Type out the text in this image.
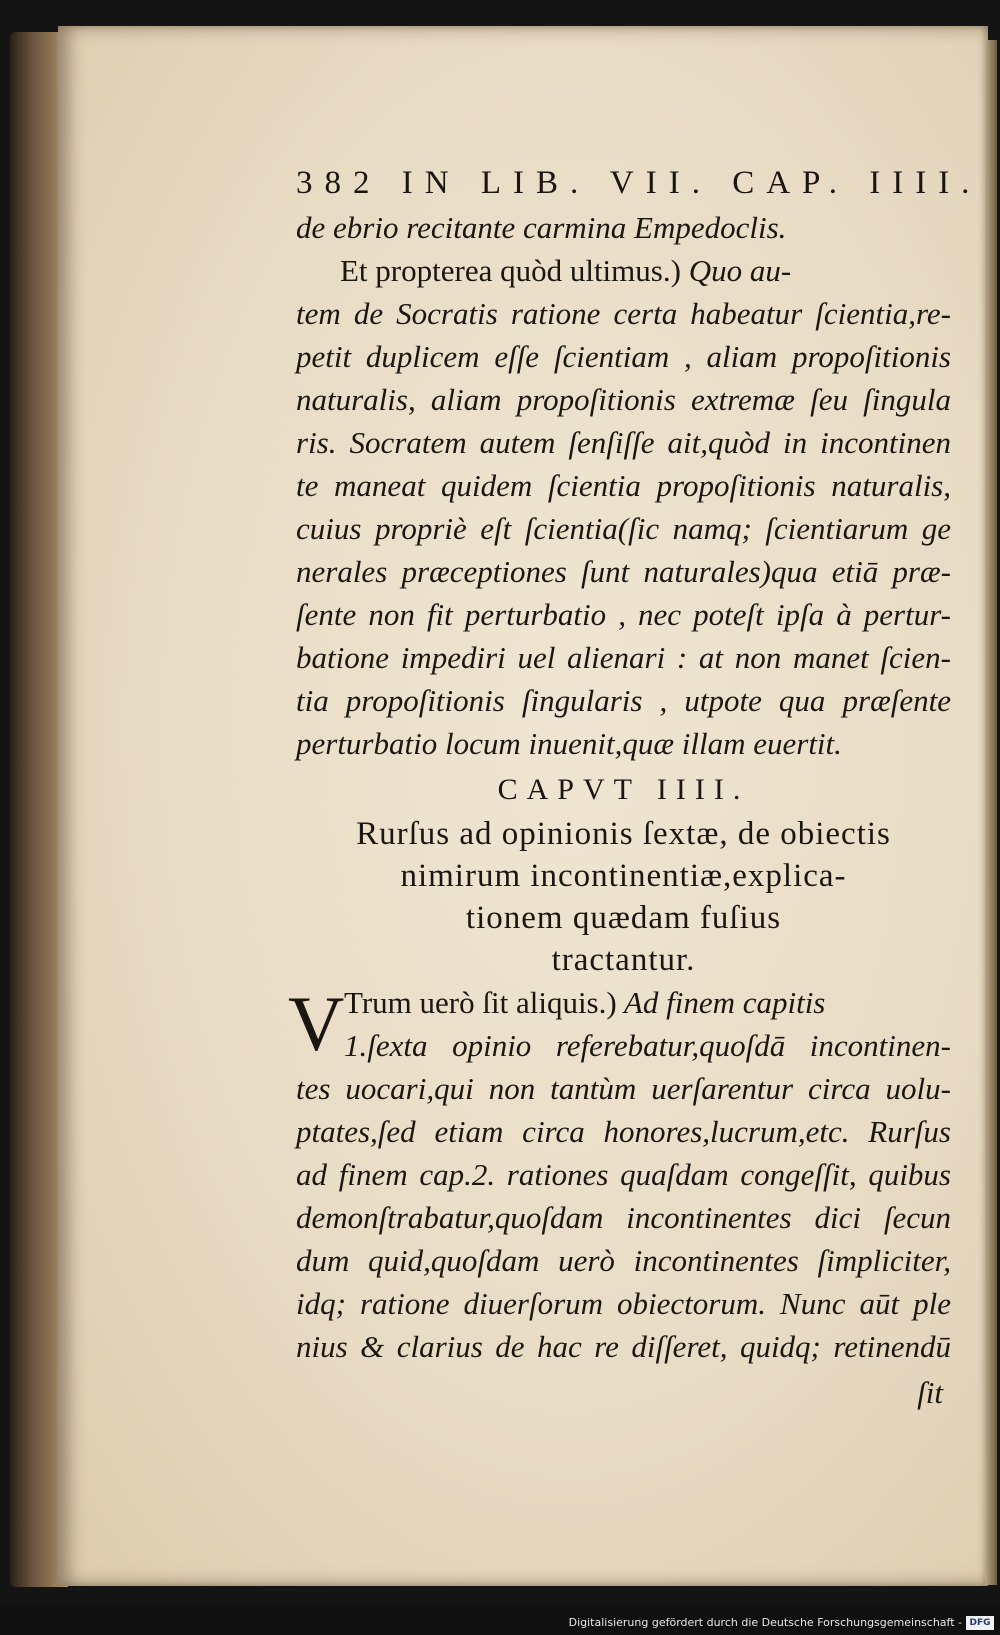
382 IN LIB. VII. CAP. IIII.
de ebrio recitante carmina Empedoclis.
Et propterea quòd ultimus.) Quo au-
tem de Socratis ratione certa habeatur ſcientia,re-
petit duplicem eſſe ſcientiam , aliam propoſitionis
naturalis, aliam propoſitionis extremæ ſeu ſingula
ris. Socratem autem ſenſiſſe ait,quòd in incontinen
te maneat quidem ſcientia propoſitionis naturalis,
cuius propriè eſt ſcientia(ſic namq; ſcientiarum ge
nerales præceptiones ſunt naturales)qua etiā præ-
ſente non fit perturbatio , nec poteſt ipſa à pertur-
batione impediri uel alienari : at non manet ſcien-
tia propoſitionis ſingularis , utpote qua præſente
perturbatio locum inuenit,quæ illam euertit.
CAPVT IIII.
Rurſus ad opinionis ſextæ, de obiectis
nimirum incontinentiæ,explica-
tionem quædam fuſius
tractantur.
V Trum uerò ſit aliquis.) Ad finem capitis
1.ſexta opinio referebatur,quoſdā incontinen-
tes uocari,qui non tantùm uerſarentur circa uolu-
ptates,ſed etiam circa honores,lucrum,etc. Rurſus
ad finem cap.2. rationes quaſdam congeſſit, quibus
demonſtrabatur,quoſdam incontinentes dici ſecun
dum quid,quoſdam uerò incontinentes ſimpliciter,
idq; ratione diuerſorum obiectorum. Nunc aūt ple
nius & clarius de hac re diſſeret, quidq; retinendū
ſit
Digitalisierung gefördert durch die Deutsche Forschungsgemeinschaft - DFG
